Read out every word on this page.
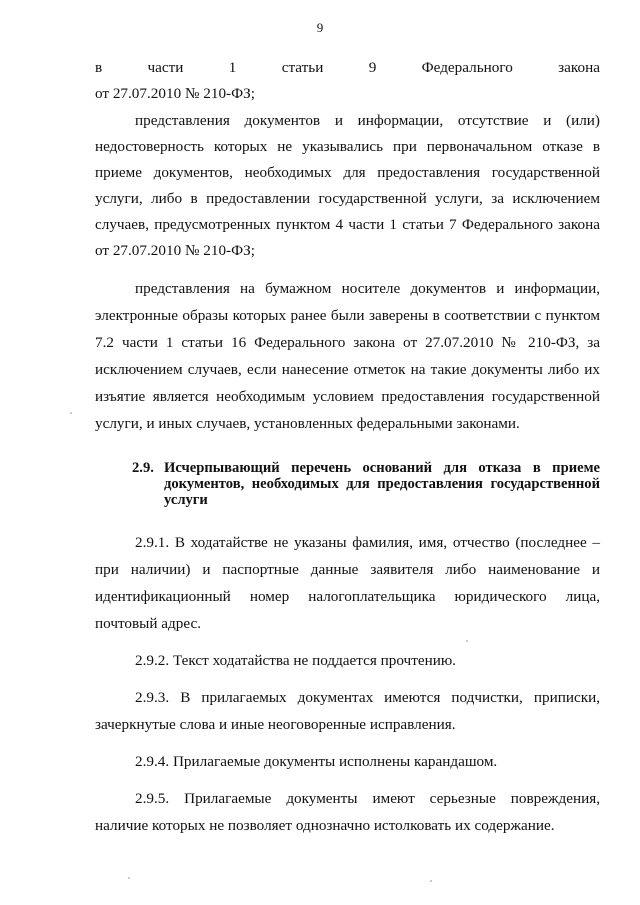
9

в части 1 статьи 9 Федерального закона

от 27.07.2010 № 210-ФЗ;

представления документов и информации, отсутствие и (или) недостоверность которых не указывались при первоначальном отказе в приеме документов, необходимых для предоставления государственной услуги, либо в предоставлении государственной услуги, за исключением случаев, предусмотренных пунктом 4 части 1 статьи 7 Федерального закона от 27.07.2010 № 210-ФЗ;

представления на бумажном носителе документов и информации, электронные образы которых ранее были заверены в соответствии с пунктом 7.2 части 1 статьи 16 Федерального закона от 27.07.2010 № 210-ФЗ, за исключением случаев, если нанесение отметок на такие документы либо их изъятие является необходимым условием предоставления государственной услуги, и иных случаев, установленных федеральными законами.

2.9. Исчерпывающий перечень оснований для отказа в приеме документов, необходимых для предоставления государственной услуги

2.9.1. В ходатайстве не указаны фамилия, имя, отчество (последнее – при наличии) и паспортные данные заявителя либо наименование и идентификационный номер налогоплательщика юридического лица, почтовый адрес.

2.9.2. Текст ходатайства не поддается прочтению.

2.9.3. В прилагаемых документах имеются подчистки, приписки, зачеркнутые слова и иные неоговоренные исправления.

2.9.4. Прилагаемые документы исполнены карандашом.

2.9.5. Прилагаемые документы имеют серьезные повреждения, наличие которых не позволяет однозначно истолковать их содержание.
